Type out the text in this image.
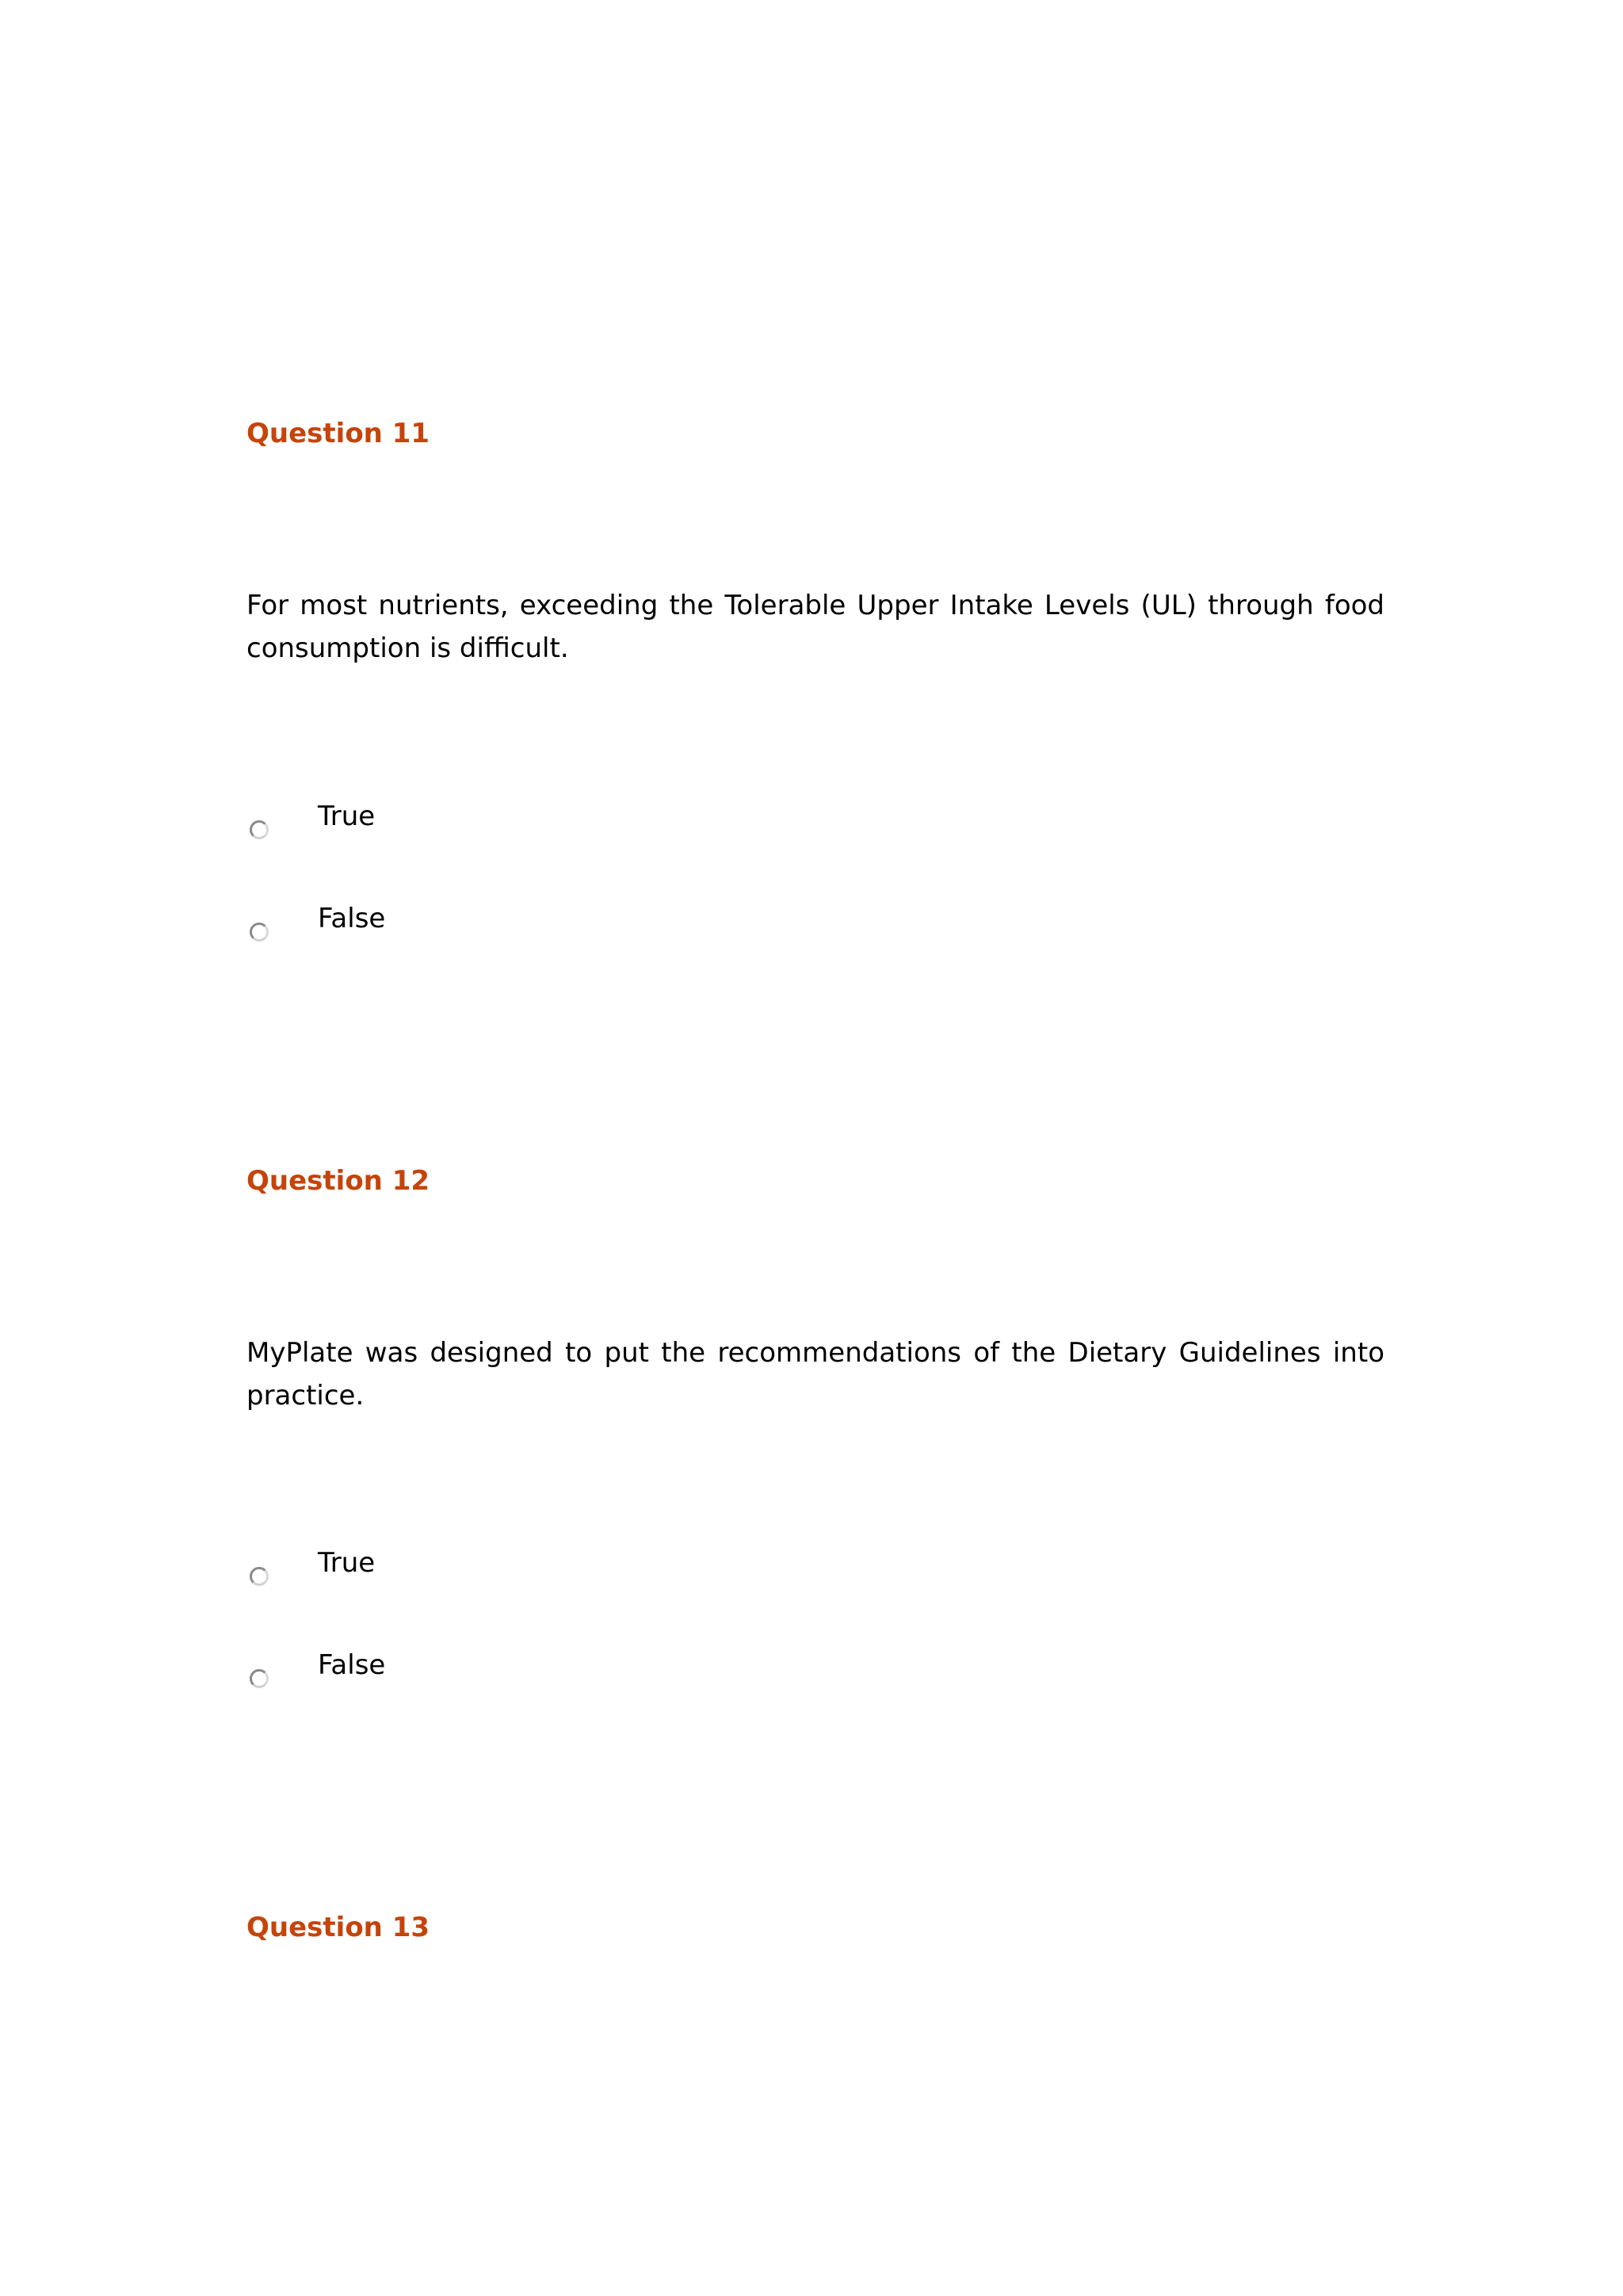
Question 11

For most nutrients, exceeding the Tolerable Upper Intake Levels (UL) through food consumption is difficult.

True
False
Question 12

MyPlate was designed to put the recommendations of the Dietary Guidelines into practice.

True
False
Question 13
